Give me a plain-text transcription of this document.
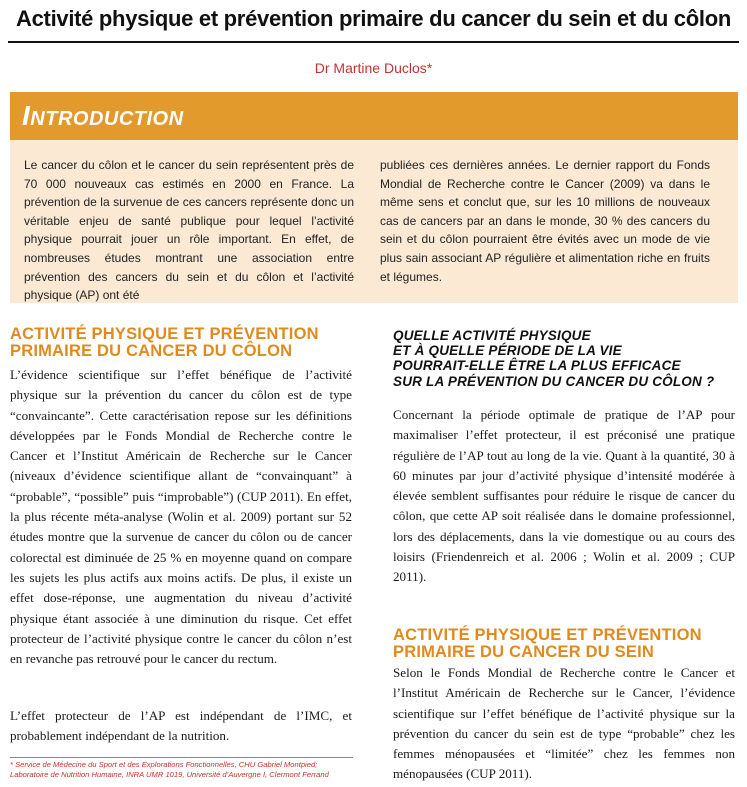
Activité physique et prévention primaire du cancer du sein et du côlon
Dr Martine Duclos*
Introduction
Le cancer du côlon et le cancer du sein représentent près de 70 000 nouveaux cas estimés en 2000 en France. La prévention de la survenue de ces cancers représente donc un véritable enjeu de santé publique pour lequel l’activité physique pourrait jouer un rôle important. En effet, de nombreuses études montrant une association entre prévention des cancers du sein et du côlon et l’activité physique (AP) ont été
publiées ces dernières années. Le dernier rapport du Fonds Mondial de Recherche contre le Cancer (2009) va dans le même sens et conclut que, sur les 10 millions de nouveaux cas de cancers par an dans le monde, 30 % des cancers du sein et du côlon pourraient être évités avec un mode de vie plus sain associant AP régulière et alimentation riche en fruits et légumes.
ACTIVITÉ PHYSIQUE ET PRÉVENTION
PRIMAIRE DU CANCER DU CÔLON
L’évidence scientifique sur l’effet bénéfique de l’activité physique sur la prévention du cancer du côlon est de type “convaincante”. Cette caractérisation repose sur les définitions développées par le Fonds Mondial de Recherche contre le Cancer et l’Institut Américain de Recherche sur le Cancer (niveaux d’évidence scientifique allant de “convainquant” à “probable”, “possible” puis “improbable”) (CUP 2011). En effet, la plus récente méta-analyse (Wolin et al. 2009) portant sur 52 études montre que la survenue de cancer du côlon ou de cancer colorectal est diminuée de 25 % en moyenne quand on compare les sujets les plus actifs aux moins actifs. De plus, il existe un effet dose-réponse, une augmentation du niveau d’activité physique étant associée à une diminution du risque. Cet effet protecteur de l’activité physique contre le cancer du côlon n’est en revanche pas retrouvé pour le cancer du rectum.
L’effet protecteur de l’AP est indépendant de l’IMC, et probablement indépendant de la nutrition.
* Service de Médecine du Sport et des Explorations Fonctionnelles, CHU Gabriel Montpied;
Laboratoire de Nutrition Humaine, INRA UMR 1019, Université d’Auvergne I, Clermont Ferrand
QUELLE ACTIVITÉ PHYSIQUE
ET À QUELLE PÉRIODE DE LA VIE
POURRAIT-ELLE ÊTRE LA PLUS EFFICACE
SUR LA PRÉVENTION DU CANCER DU CÔLON ?
Concernant la période optimale de pratique de l’AP pour maximaliser l’effet protecteur, il est préconisé une pratique régulière de l’AP tout au long de la vie. Quant à la quantité, 30 à 60 minutes par jour d’activité physique d’intensité modérée à élevée semblent suffisantes pour réduire le risque de cancer du côlon, que cette AP soit réalisée dans le domaine professionnel, lors des déplacements, dans la vie domestique ou au cours des loisirs (Friendenreich et al. 2006 ; Wolin et al. 2009 ; CUP 2011).
ACTIVITÉ PHYSIQUE ET PRÉVENTION
PRIMAIRE DU CANCER DU SEIN
Selon le Fonds Mondial de Recherche contre le Cancer et l’Institut Américain de Recherche sur le Cancer, l’évidence scientifique sur l’effet bénéfique de l’activité physique sur la prévention du cancer du sein est de type “probable” chez les femmes ménopausées et “limitée” chez les femmes non ménopausées (CUP 2011).
